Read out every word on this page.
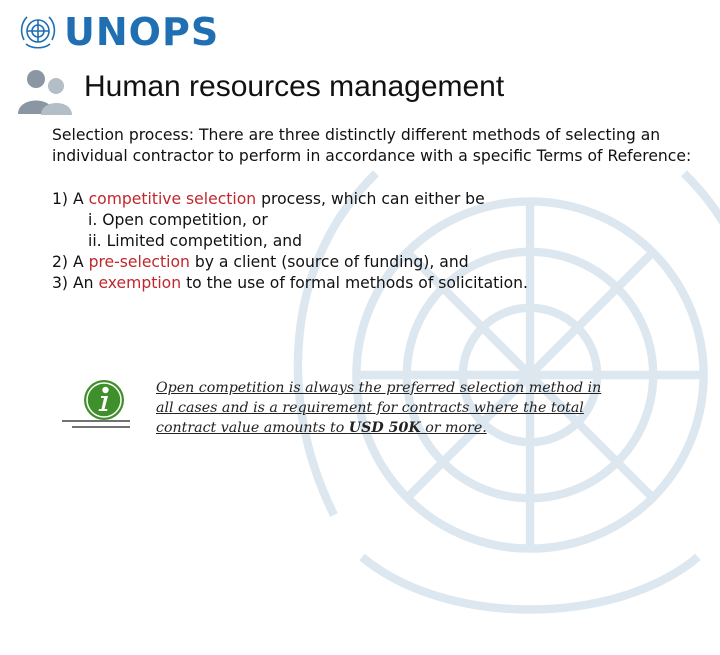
UNOPS
Human resources management

Selection process: There are three distinctly different methods of selecting an individual contractor to perform in accordance with a specific Terms of Reference:

1) A competitive selection process, which can either be

i. Open competition, or

ii. Limited competition, and

2) A pre-selection by a client (source of funding), and

3) An exemption to the use of formal methods of solicitation.

Open competition is always the preferred selection method in all cases and is a requirement for contracts where the total contract value amounts to USD 50K or more.
